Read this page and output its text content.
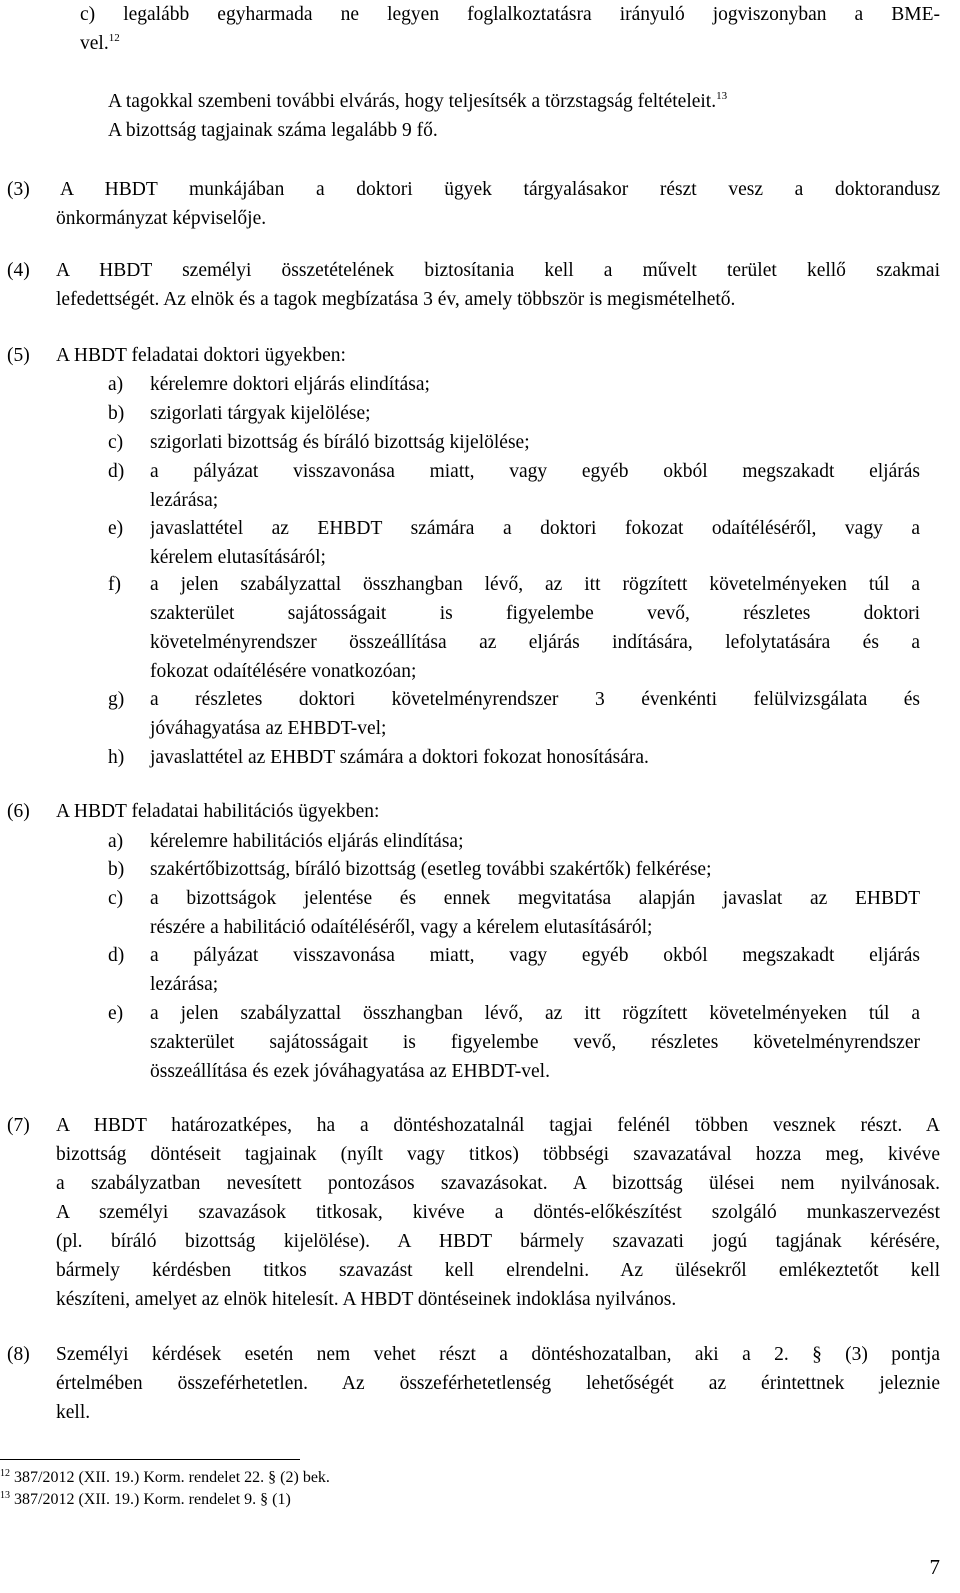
c) legalább egyharmada ne legyen foglalkoztatásra irányuló jogviszonyban a BME-
vel.$^{12}$
A tagokkal szembeni további elvárás, hogy teljesítsék a törzstagság feltételeit.$^{13}$
A bizottság tagjainak száma legalább 9 fő.
(3) A HBDT munkájában a doktori ügyek tárgyalásakor részt vesz a doktorandusz
önkormányzat képviselője.
(4) A HBDT személyi összetételének biztosítania kell a művelt terület kellő szakmai
lefedettségét. Az elnök és a tagok megbízatása 3 év, amely többször is megismételhető.
(5) A HBDT feladatai doktori ügyekben:
a)	kérelemre doktori eljárás elindítása;
b)	szigorlati tárgyak kijelölése;
c)	szigorlati bizottság és bíráló bizottság kijelölése;
d)	a pályázat visszavonása miatt, vagy egyéb okból megszakadt eljárás
lezárása;
e)	javaslattétel az EHBDT számára a doktori fokozat odaítéléséről, vagy a
kérelem elutasításáról;
f)	a jelen szabályzattal összhangban lévő, az itt rögzített követelményeken túl a
szakterület sajátosságait is figyelembe vevő, részletes doktori
követelményrendszer összeállítása az eljárás indítására, lefolytatására és a
fokozat odaítélésére vonatkozóan;
g)	a részletes doktori követelményrendszer 3 évenkénti felülvizsgálata és
jóváhagyatása az EHBDT-vel;
h)	javaslattétel az EHBDT számára a doktori fokozat honosítására.
(6) A HBDT feladatai habilitációs ügyekben:
a)	kérelemre habilitációs eljárás elindítása;
b)	szakértőbizottság, bíráló bizottság (esetleg további szakértők) felkérése;
c)	a bizottságok jelentése és ennek megvitatása alapján javaslat az EHBDT
részére a habilitáció odaítéléséről, vagy a kérelem elutasításáról;
d)	a pályázat visszavonása miatt, vagy egyéb okból megszakadt eljárás
lezárása;
e)	a jelen szabályzattal összhangban lévő, az itt rögzített követelményeken túl a
szakterület sajátosságait is figyelembe vevő, részletes követelményrendszer
összeállítása és ezek jóváhagyatása az EHBDT-vel.
(7) A HBDT határozatképes, ha a döntéshozatalnál tagjai felénél többen vesznek részt. A
bizottság döntéseit tagjainak (nyílt vagy titkos) többségi szavazatával hozza meg, kivéve
a szabályzatban nevesített pontozásos szavazásokat. A bizottság ülései nem nyilvánosak.
A személyi szavazások titkosak, kivéve a döntés-előkészítést szolgáló munkaszervezést
(pl. bíráló bizottság kijelölése). A HBDT bármely szavazati jogú tagjának kérésére,
bármely kérdésben titkos szavazást kell elrendelni. Az ülésekről emlékeztetőt kell
készíteni, amelyet az elnök hitelesít. A HBDT döntéseinek indoklása nyilvános.
(8) Személyi kérdések esetén nem vehet részt a döntéshozatalban, aki a 2. § (3) pontja
értelmében összeférhetetlen. Az összeférhetetlenség lehetőségét az érintettnek jeleznie
kell.
$^{12}$ 387/2012 (XII. 19.) Korm. rendelet 22. § (2) bek.
$^{13}$ 387/2012 (XII. 19.) Korm. rendelet 9. § (1)
7
